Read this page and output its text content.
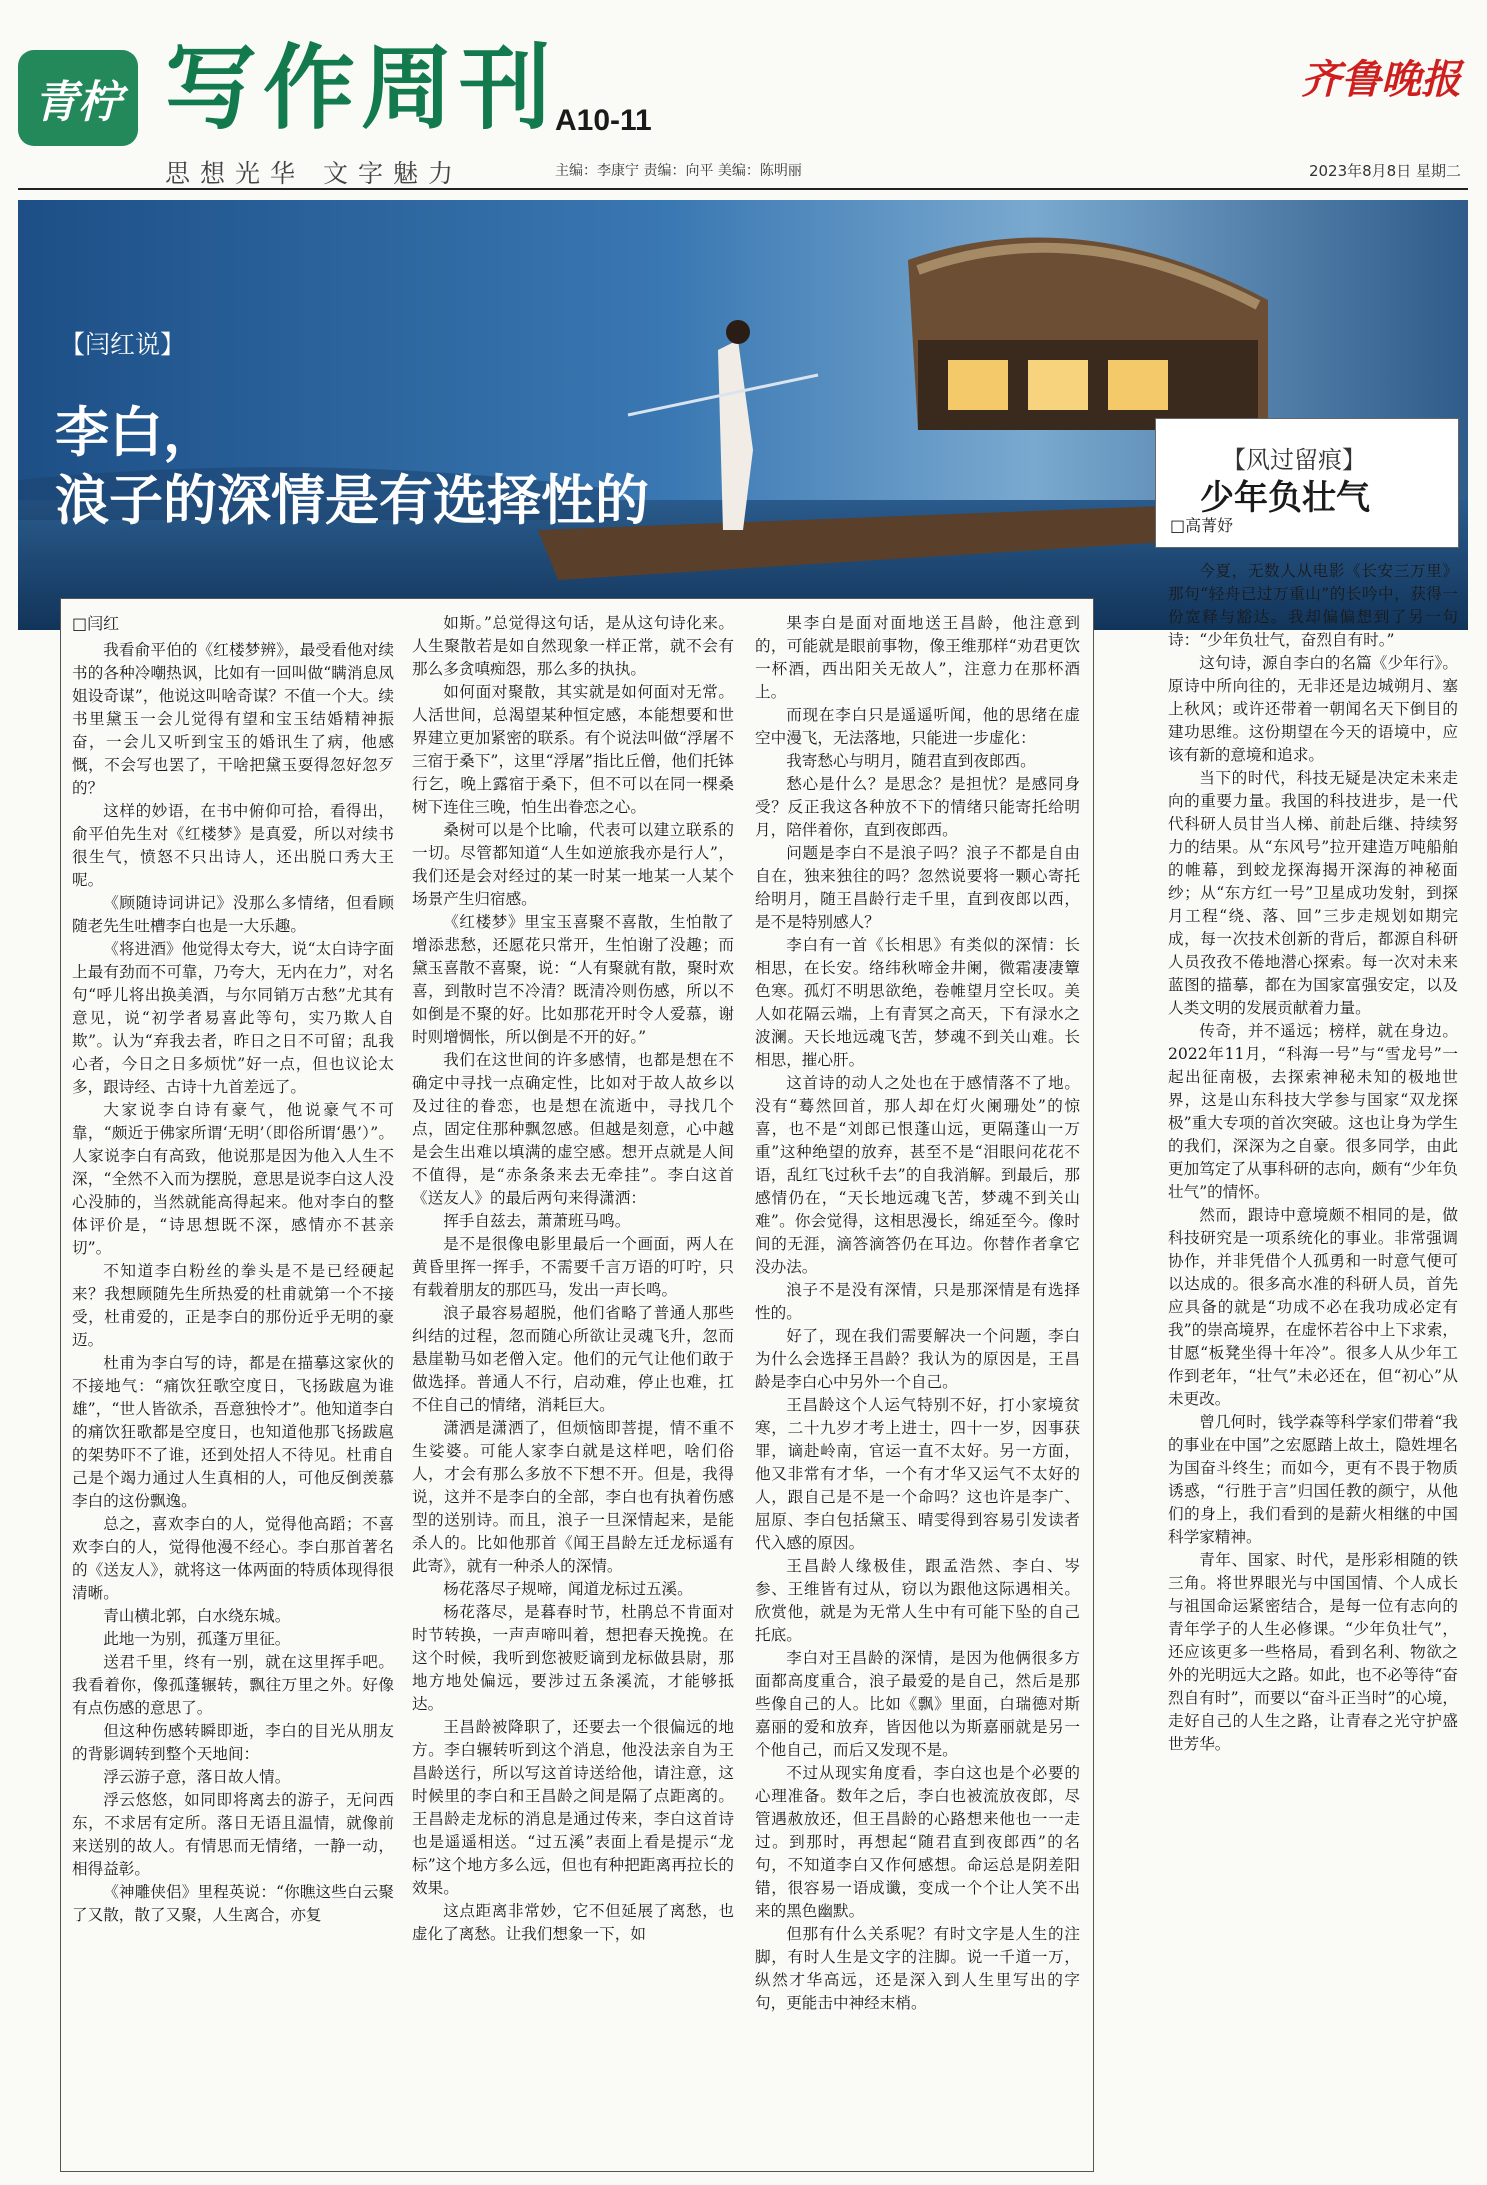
青柠 写作周刊
A10-11
齐鲁晚报
思想光华 文字魅力	主编：李康宁 责编：向平 美编：陈明丽	2023年8月8日 星期二
【闫红说】
李白，
浪子的深情是有选择性的
【风过留痕】
少年负壮气
□高菁妤
□闫红

我看俞平伯的《红楼梦辨》，最受看他对续书的各种冷嘲热讽，比如有一回叫做“瞒消息凤姐设奇谋”，他说这叫啥奇谋？不值一个大。续书里黛玉一会儿觉得有望和宝玉结婚精神振奋，一会儿又听到宝玉的婚讯生了病，他感慨，不会写也罢了，干啥把黛玉耍得忽好忽歹的？

这样的妙语，在书中俯仰可拾，看得出，俞平伯先生对《红楼梦》是真爱，所以对续书很生气，愤怒不只出诗人，还出脱口秀大王呢。

《顾随诗词讲记》没那么多情绪，但看顾随老先生吐槽李白也是一大乐趣。

《将进酒》他觉得太夸大，说“太白诗字面上最有劲而不可靠，乃夸大，无内在力”，对名句“呼儿将出换美酒，与尔同销万古愁”尤其有意见，说“初学者易喜此等句，实乃欺人自欺”。认为“弃我去者，昨日之日不可留；乱我心者，今日之日多烦忧”好一点，但也议论太多，跟诗经、古诗十九首差远了。

大家说李白诗有豪气，他说豪气不可靠，“颇近于佛家所谓‘无明’（即俗所谓‘愚’）”。人家说李白有高致，他说那是因为他入人生不深，“全然不入而为摆脱，意思是说李白这人没心没肺的，当然就能高得起来。他对李白的整体评价是，“诗思想既不深，感情亦不甚亲切”。

不知道李白粉丝的拳头是不是已经硬起来？我想顾随先生所热爱的杜甫就第一个不接受，杜甫爱的，正是李白的那份近乎无明的豪迈。

杜甫为李白写的诗，都是在描摹这家伙的不接地气：“痛饮狂歌空度日，飞扬跋扈为谁雄”，“世人皆欲杀，吾意独怜才”。他知道李白的痛饮狂歌都是空度日，也知道他那飞扬跋扈的架势吓不了谁，还到处招人不待见。杜甫自己是个竭力通过人生真相的人，可他反倒羡慕李白的这份飘逸。

总之，喜欢李白的人，觉得他高蹈；不喜欢李白的人，觉得他漫不经心。李白那首著名的《送友人》，就将这一体两面的特质体现得很清晰。

青山横北郭，白水绕东城。

此地一为别，孤蓬万里征。

送君千里，终有一别，就在这里挥手吧。我看着你，像孤蓬辗转，飘往万里之外。好像有点伤感的意思了。

但这种伤感转瞬即逝，李白的目光从朋友的背影调转到整个天地间：

浮云游子意，落日故人情。

浮云悠悠，如同即将离去的游子，无问西东，不求居有定所。落日无语且温情，就像前来送别的故人。有情思而无情绪，一静一动，相得益彰。

《神雕侠侣》里程英说：“你瞧这些白云聚了又散，散了又聚，人生离合，亦复

如斯。”总觉得这句话，是从这句诗化来。人生聚散若是如自然现象一样正常，就不会有那么多贪嗔痴怨，那么多的执执。

如何面对聚散，其实就是如何面对无常。人活世间，总渴望某种恒定感，本能想要和世界建立更加紧密的联系。有个说法叫做“浮屠不三宿于桑下”，这里“浮屠”指比丘僧，他们托钵行乞，晚上露宿于桑下，但不可以在同一棵桑树下连住三晚，怕生出眷恋之心。

桑树可以是个比喻，代表可以建立联系的一切。尽管都知道“人生如逆旅我亦是行人”，我们还是会对经过的某一时某一地某一人某个场景产生归宿感。

《红楼梦》里宝玉喜聚不喜散，生怕散了增添悲愁，还愿花只常开，生怕谢了没趣；而黛玉喜散不喜聚，说：“人有聚就有散，聚时欢喜，到散时岂不冷清？既清冷则伤感，所以不如倒是不聚的好。比如那花开时令人爱慕，谢时则增惆怅，所以倒是不开的好。”

我们在这世间的许多感情，也都是想在不确定中寻找一点确定性，比如对于故人故乡以及过往的眷恋，也是想在流逝中，寻找几个点，固定住那种飘忽感。但越是刻意，心中越是会生出难以填满的虚空感。想开点就是人间不值得，是“赤条条来去无牵挂”。李白这首《送友人》的最后两句来得潇洒：

挥手自兹去，萧萧班马鸣。

是不是很像电影里最后一个画面，两人在黄昏里挥一挥手，不需要千言万语的叮咛，只有载着朋友的那匹马，发出一声长鸣。

浪子最容易超脱，他们省略了普通人那些纠结的过程，忽而随心所欲让灵魂飞升，忽而悬崖勒马如老僧入定。他们的元气让他们敢于做选择。普通人不行，启动难，停止也难，扛不住自己的情绪，消耗巨大。

潇洒是潇洒了，但烦恼即菩提，情不重不生娑婆。可能人家李白就是这样吧，啥们俗人，才会有那么多放不下想不开。但是，我得说，这并不是李白的全部，李白也有执着伤感型的送别诗。而且，浪子一旦深情起来，是能杀人的。比如他那首《闻王昌龄左迁龙标遥有此寄》，就有一种杀人的深情。

杨花落尽子规啼，闻道龙标过五溪。

杨花落尽，是暮春时节，杜鹃总不肯面对时节转换，一声声啼叫着，想把春天挽挽。在这个时候，我听到您被贬谪到龙标做县尉，那地方地处偏远，要涉过五条溪流，才能够抵达。

王昌龄被降职了，还要去一个很偏远的地方。李白辗转听到这个消息，他没法亲自为王昌龄送行，所以写这首诗送给他，请注意，这时候里的李白和王昌龄之间是隔了点距离的。王昌龄走龙标的消息是通过传来，李白这首诗也是遥遥相送。“过五溪”表面上看是提示“龙标”这个地方多么远，但也有种把距离再拉长的效果。

这点距离非常妙，它不但延展了离愁，也虚化了离愁。让我们想象一下，如

果李白是面对面地送王昌龄，他注意到的，可能就是眼前事物，像王维那样“劝君更饮一杯酒，西出阳关无故人”，注意力在那杯酒上。

而现在李白只是遥遥听闻，他的思绪在虚空中漫飞，无法落地，只能进一步虚化：

我寄愁心与明月，随君直到夜郎西。

愁心是什么？是思念？是担忧？是感同身受？反正我这各种放不下的情绪只能寄托给明月，陪伴着你，直到夜郎西。

问题是李白不是浪子吗？浪子不都是自由自在，独来独往的吗？忽然说要将一颗心寄托给明月，随王昌龄行走千里，直到夜郎以西，是不是特别感人？

李白有一首《长相思》有类似的深情：长相思，在长安。络纬秋啼金井阑，微霜凄凄簟色寒。孤灯不明思欲绝，卷帷望月空长叹。美人如花隔云端，上有青冥之高天，下有渌水之波澜。天长地远魂飞苦，梦魂不到关山难。长相思，摧心肝。

这首诗的动人之处也在于感情落不了地。没有“蓦然回首，那人却在灯火阑珊处”的惊喜，也不是“刘郎已恨蓬山远，更隔蓬山一万重”这种绝望的放弃，甚至不是“泪眼问花花不语，乱红飞过秋千去”的自我消解。到最后，那感情仍在，“天长地远魂飞苦，梦魂不到关山难”。你会觉得，这相思漫长，绵延至今。像时间的无涯，滴答滴答仍在耳边。你替作者拿它没办法。

浪子不是没有深情，只是那深情是有选择性的。

好了，现在我们需要解决一个问题，李白为什么会选择王昌龄？我认为的原因是，王昌龄是李白心中另外一个自己。

王昌龄这个人运气特别不好，打小家境贫寒，二十九岁才考上进士，四十一岁，因事获罪，谪赴岭南，官运一直不太好。另一方面，他又非常有才华，一个有才华又运气不太好的人，跟自己是不是一个命吗？这也许是李广、屈原、李白包括黛玉、晴雯得到容易引发读者代入感的原因。

王昌龄人缘极佳，跟孟浩然、李白、岑参、王维皆有过从，窃以为跟他这际遇相关。欣赏他，就是为无常人生中有可能下坠的自己托底。

李白对王昌龄的深情，是因为他俩很多方面都高度重合，浪子最爱的是自己，然后是那些像自己的人。比如《飘》里面，白瑞德对斯嘉丽的爱和放弃，皆因他以为斯嘉丽就是另一个他自己，而后又发现不是。

不过从现实角度看，李白这也是个必要的心理准备。数年之后，李白也被流放夜郎，尽管遇赦放还，但王昌龄的心路想来他也一一走过。到那时，再想起“随君直到夜郎西”的名句，不知道李白又作何感想。命运总是阴差阳错，很容易一语成谶，变成一个个让人笑不出来的黑色幽默。

但那有什么关系呢？有时文字是人生的注脚，有时人生是文字的注脚。说一千道一万，纵然才华高远，还是深入到人生里写出的字句，更能击中神经末梢。

今夏，无数人从电影《长安三万里》那句“轻舟已过万重山”的长吟中，获得一份宽释与豁达。我却偏偏想到了另一句诗：“少年负壮气，奋烈自有时。”

这句诗，源自李白的名篇《少年行》。原诗中所向往的，无非还是边城朔月、塞上秋风；或许还带着一朝闻名天下倒目的建功思维。这份期望在今天的语境中，应该有新的意境和追求。

当下的时代，科技无疑是决定未来走向的重要力量。我国的科技进步，是一代代科研人员甘当人梯、前赴后继、持续努力的结果。从“东风号”拉开建造万吨船舶的帷幕，到蛟龙探海揭开深海的神秘面纱；从“东方红一号”卫星成功发射，到探月工程“绕、落、回”三步走规划如期完成，每一次技术创新的背后，都源自科研人员孜孜不倦地潜心探索。每一次对未来蓝图的描摹，都在为国家富强安定，以及人类文明的发展贡献着力量。

传奇，并不遥远；榜样，就在身边。2022年11月，“科海一号”与“雪龙号”一起出征南极，去探索神秘未知的极地世界，这是山东科技大学参与国家“双龙探极”重大专项的首次突破。这也让身为学生的我们，深深为之自豪。很多同学，由此更加笃定了从事科研的志向，颇有“少年负壮气”的情怀。

然而，跟诗中意境颇不相同的是，做科技研究是一项系统化的事业。非常强调协作，并非凭借个人孤勇和一时意气便可以达成的。很多高水准的科研人员，首先应具备的就是“功成不必在我功成必定有我”的崇高境界，在虚怀若谷中上下求索，甘愿“板凳坐得十年冷”。很多人从少年工作到老年，“壮气”未必还在，但“初心”从未更改。

曾几何时，钱学森等科学家们带着“我的事业在中国”之宏愿踏上故土，隐姓埋名为国奋斗终生；而如今，更有不畏于物质诱惑，“行胜于言”归国任教的颜宁，从他们的身上，我们看到的是薪火相继的中国科学家精神。

青年、国家、时代，是彤彩相随的铁三角。将世界眼光与中国国情、个人成长与祖国命运紧密结合，是每一位有志向的青年学子的人生必修课。“少年负壮气”，还应该更多一些格局，看到名利、物欲之外的光明远大之路。如此，也不必等待“奋烈自有时”，而要以“奋斗正当时”的心境，走好自己的人生之路，让青春之光守护盛世芳华。
